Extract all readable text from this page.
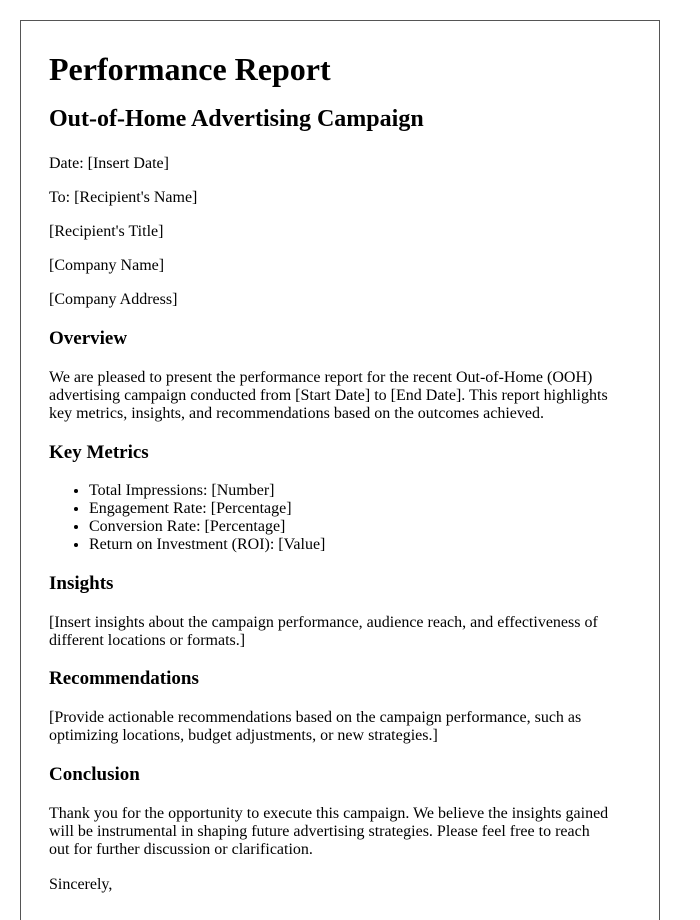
Performance Report
Out-of-Home Advertising Campaign

Date: [Insert Date]

To: [Recipient's Name]

[Recipient's Title]

[Company Name]

[Company Address]

Overview

We are pleased to present the performance report for the recent Out-of-Home (OOH) advertising campaign conducted from [Start Date] to [End Date]. This report highlights key metrics, insights, and recommendations based on the outcomes achieved.

Key Metrics
• Total Impressions: [Number]
• Engagement Rate: [Percentage]
• Conversion Rate: [Percentage]
• Return on Investment (ROI): [Value]
Insights

[Insert insights about the campaign performance, audience reach, and effectiveness of different locations or formats.]

Recommendations

[Provide actionable recommendations based on the campaign performance, such as optimizing locations, budget adjustments, or new strategies.]

Conclusion

Thank you for the opportunity to execute this campaign. We believe the insights gained will be instrumental in shaping future advertising strategies. Please feel free to reach out for further discussion or clarification.

Sincerely,
